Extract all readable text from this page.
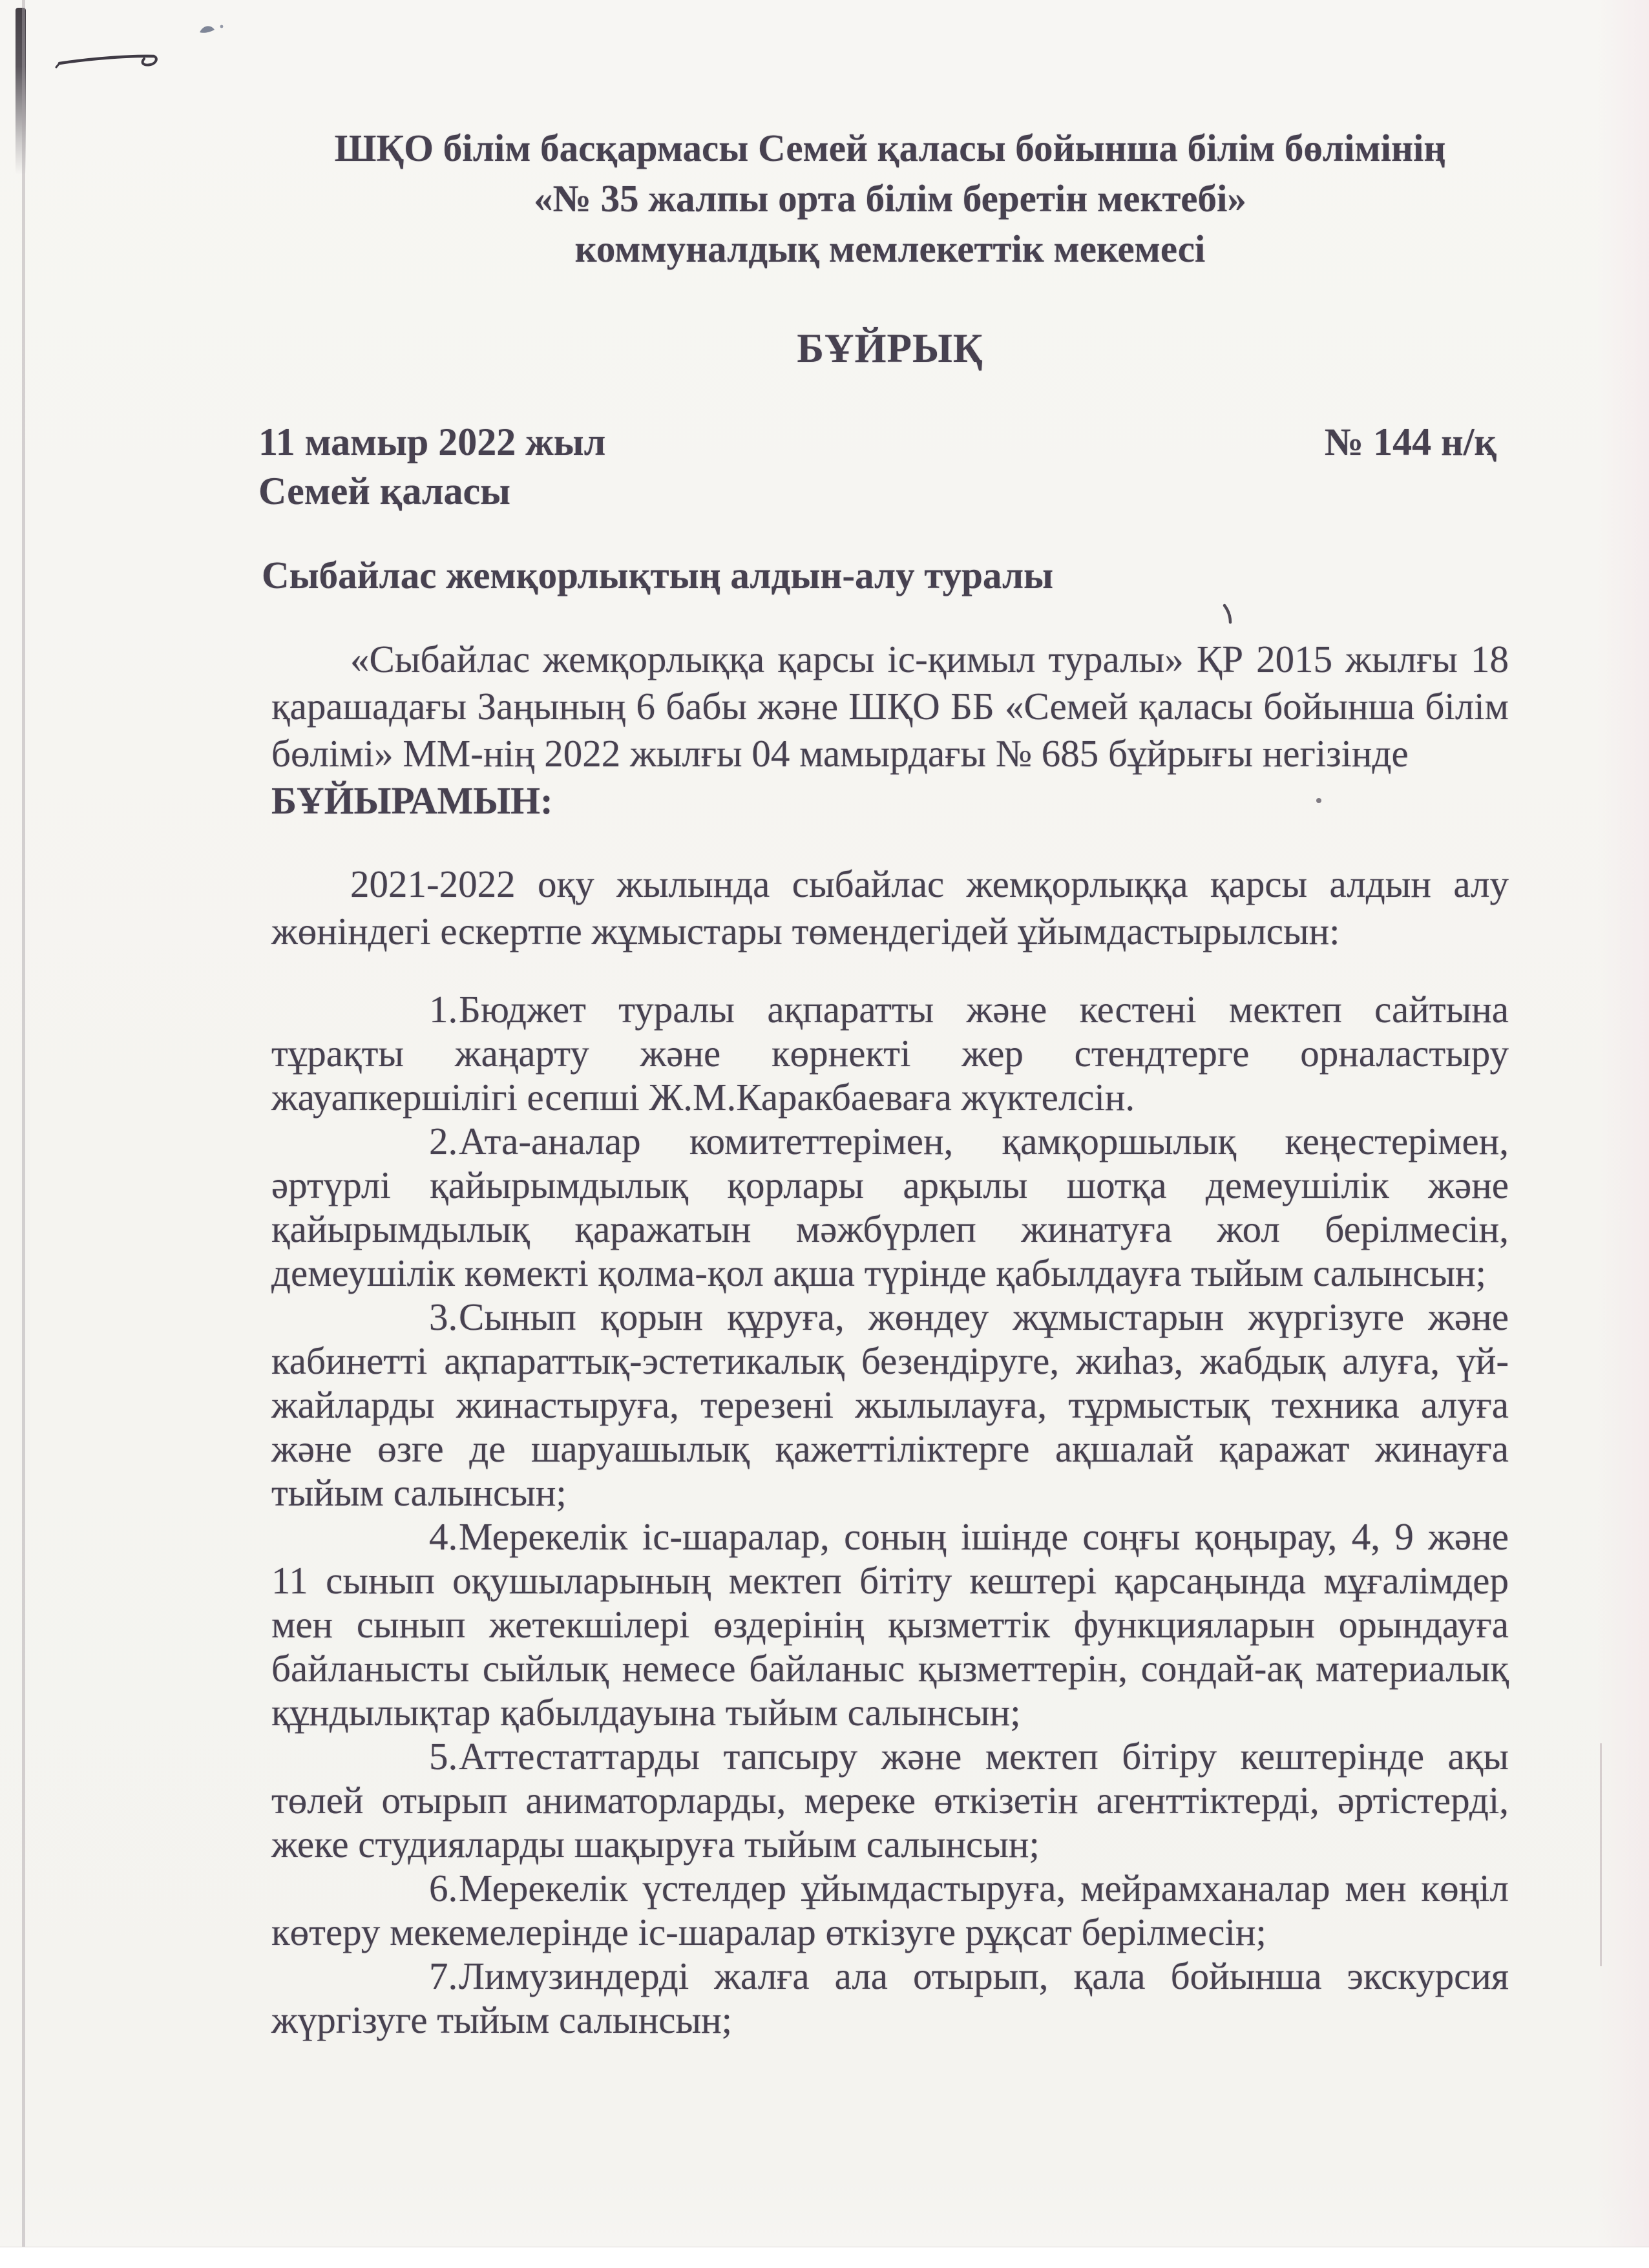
ШҚО білім басқармасы Семей қаласы бойынша білім бөлімінің
«№ 35 жалпы орта білім беретін мектебі»
коммуналдық мемлекеттік мекемесі
БҰЙРЫҚ
11 мамыр 2022 жыл	№ 144 н/қ
Семей қаласы
Сыбайлас жемқорлықтың алдын-алу туралы

«Сыбайлас жемқорлыққа қарсы іс-қимыл туралы» ҚР 2015 жылғы 18 қарашадағы Заңының 6 бабы және ШҚО ББ «Семей қаласы бойынша білім бөлімі» ММ-нің 2022 жылғы 04 мамырдағы № 685 бұйрығы негізінде

БҰЙЫРАМЫН:

2021-2022 оқу жылында сыбайлас жемқорлыққа қарсы алдын алу жөніндегі ескертпе жұмыстары төмендегідей ұйымдастырылсын:

1.Бюджет туралы ақпаратты және кестені мектеп сайтына тұрақты жаңарту және көрнекті жер стендтерге орналастыру жауапкершілігі есепші Ж.М.Каракбаеваға жүктелсін.

2.Ата-аналар комитеттерімен, қамқоршылық кеңестерімен, әртүрлі қайырымдылық қорлары арқылы шотқа демеушілік және қайырымдылық қаражатын мәжбүрлеп жинатуға жол берілмесін, демеушілік көмекті қолма-қол ақша түрінде қабылдауға тыйым салынсын;

3.Сынып қорын құруға, жөндеу жұмыстарын жүргізуге және кабинетті ақпараттық-эстетикалық безендіруге, жиһаз, жабдық алуға, үй-жайларды жинастыруға, терезені жылылауға, тұрмыстық техника алуға және өзге де шаруашылық қажеттіліктерге ақшалай қаражат жинауға тыйым салынсын;

4.Мерекелік іс-шаралар, соның ішінде соңғы қоңырау, 4, 9 және 11 сынып оқушыларының мектеп бітіту кештері қарсаңында мұғалімдер мен сынып жетекшілері өздерінің қызметтік функцияларын орындауға байланысты сыйлық немесе байланыс қызметтерін, сондай-ақ материалық құндылықтар қабылдауына тыйым салынсын;

5.Аттестаттарды тапсыру және мектеп бітіру кештерінде ақы төлей отырып аниматорларды, мереке өткізетін агенттіктерді, әртістерді, жеке студияларды шақыруға тыйым салынсын;

6.Мерекелік үстелдер ұйымдастыруға, мейрамханалар мен көңіл көтеру мекемелерінде іс-шаралар өткізуге рұқсат берілмесін;

7.Лимузиндерді жалға ала отырып, қала бойынша экскурсия жүргізуге тыйым салынсын;
